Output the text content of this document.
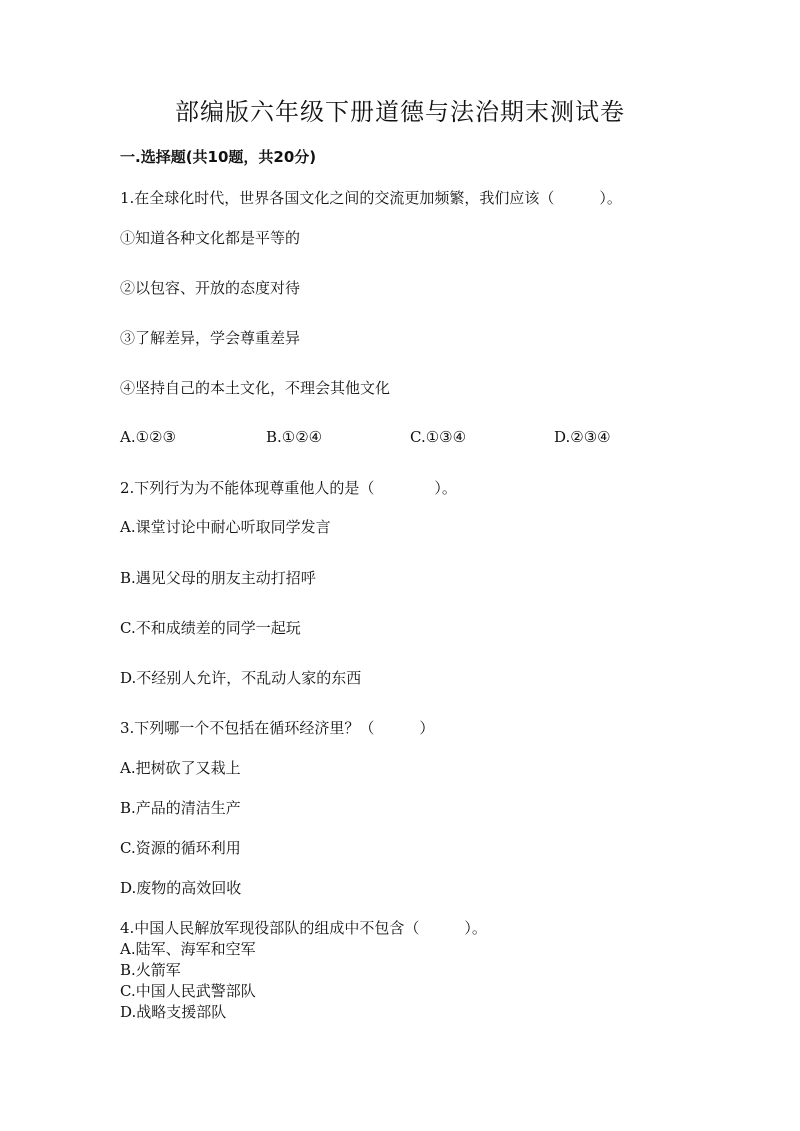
部编版六年级下册道德与法治期末测试卷
一.选择题(共10题，共20分)
1.在全球化时代，世界各国文化之间的交流更加频繁，我们应该（　　　）。
①知道各种文化都是平等的
②以包容、开放的态度对待
③了解差异，学会尊重差异
④坚持自己的本土文化，不理会其他文化
A.①②③	B.①②④	C.①③④	D.②③④
2.下列行为为不能体现尊重他人的是（　　　　）。
A.课堂讨论中耐心听取同学发言
B.遇见父母的朋友主动打招呼
C.不和成绩差的同学一起玩
D.不经别人允许，不乱动人家的东西
3.下列哪一个不包括在循环经济里？（　　　）
A.把树砍了又栽上
B.产品的清洁生产
C.资源的循环利用
D.废物的高效回收
4.中国人民解放军现役部队的组成中不包含（　　　）。
A.陆军、海军和空军
B.火箭军
C.中国人民武警部队
D.战略支援部队
